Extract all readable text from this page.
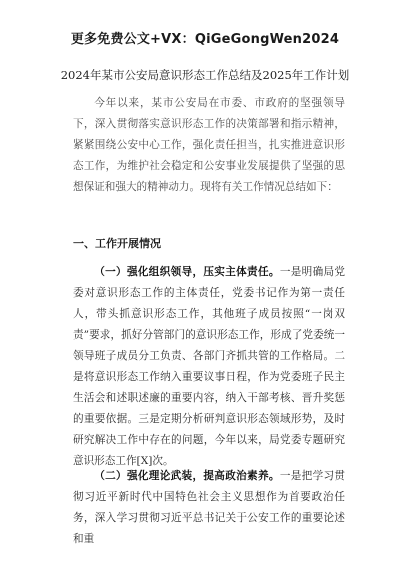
更多免费公文+VX：QiGeGongWen2024
2024年某市公安局意识形态工作总结及2025年工作计划
今年以来，某市公安局在市委、市政府的坚强领导下，深入贯彻落实意识形态工作的决策部署和指示精神，紧紧围绕公安中心工作，强化责任担当，扎实推进意识形态工作，为维护社会稳定和公安事业发展提供了坚强的思想保证和强大的精神动力。现将有关工作情况总结如下：
一、工作开展情况
（一）强化组织领导，压实主体责任。一是明确局党委对意识形态工作的主体责任，党委书记作为第一责任人，带头抓意识形态工作，其他班子成员按照“一岗双责”要求，抓好分管部门的意识形态工作，形成了党委统一领导班子成员分工负责、各部门齐抓共管的工作格局。二是将意识形态工作纳入重要议事日程，作为党委班子民主生活会和述职述廉的重要内容，纳入干部考核、晋升奖惩的重要依据。三是定期分析研判意识形态领域形势，及时研究解决工作中存在的问题，今年以来，局党委专题研究意识形态工作[X]次。
（二）强化理论武装，提高政治素养。一是把学习贯彻习近平新时代中国特色社会主义思想作为首要政治任务，深入学习贯彻习近平总书记关于公安工作的重要论述和重
